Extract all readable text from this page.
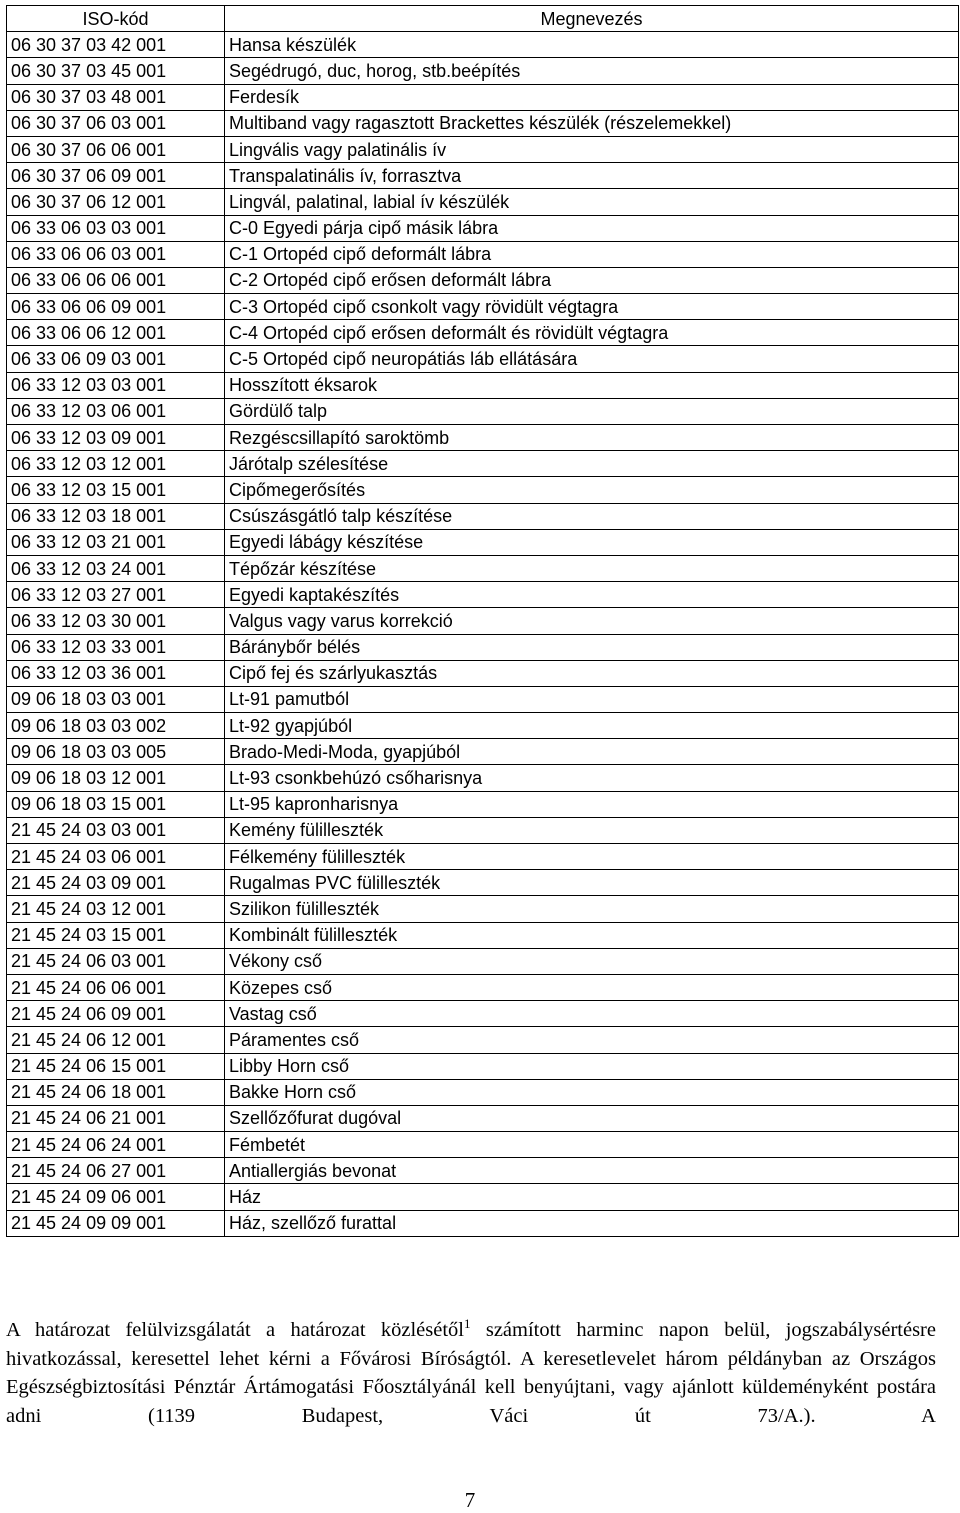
ISO-kód	Megnevezés
06 30 37 03 42 001	Hansa készülék
06 30 37 03 45 001	Segédrugó, duc, horog, stb.beépítés
06 30 37 03 48 001	Ferdesík
06 30 37 06 03 001	Multiband vagy ragasztott Brackettes készülék (részelemekkel)
06 30 37 06 06 001	Lingvális vagy palatinális ív
06 30 37 06 09 001	Transpalatinális ív, forrasztva
06 30 37 06 12 001	Lingvál, palatinal, labial ív készülék
06 33 06 03 03 001	C-0 Egyedi párja cipő másik lábra
06 33 06 06 03 001	C-1 Ortopéd cipő deformált lábra
06 33 06 06 06 001	C-2 Ortopéd cipő erősen deformált lábra
06 33 06 06 09 001	C-3 Ortopéd cipő csonkolt vagy rövidült végtagra
06 33 06 06 12 001	C-4 Ortopéd cipő erősen deformált és rövidült végtagra
06 33 06 09 03 001	C-5 Ortopéd cipő neuropátiás láb ellátására
06 33 12 03 03 001	Hosszított éksarok
06 33 12 03 06 001	Gördülő talp
06 33 12 03 09 001	Rezgéscsillapító saroktömb
06 33 12 03 12 001	Járótalp szélesítése
06 33 12 03 15 001	Cipőmegerősítés
06 33 12 03 18 001	Csúszásgátló talp készítése
06 33 12 03 21 001	Egyedi lábágy készítése
06 33 12 03 24 001	Tépőzár készítése
06 33 12 03 27 001	Egyedi kaptakészítés
06 33 12 03 30 001	Valgus vagy varus korrekció
06 33 12 03 33 001	Báránybőr bélés
06 33 12 03 36 001	Cipő fej és szárlyukasztás
09 06 18 03 03 001	Lt-91 pamutból
09 06 18 03 03 002	Lt-92 gyapjúból
09 06 18 03 03 005	Brado-Medi-Moda, gyapjúból
09 06 18 03 12 001	Lt-93 csonkbehúzó csőharisnya
09 06 18 03 15 001	Lt-95 kapronharisnya
21 45 24 03 03 001	Kemény fülilleszték
21 45 24 03 06 001	Félkemény fülilleszték
21 45 24 03 09 001	Rugalmas PVC fülilleszték
21 45 24 03 12 001	Szilikon fülilleszték
21 45 24 03 15 001	Kombinált fülilleszték
21 45 24 06 03 001	Vékony cső
21 45 24 06 06 001	Közepes cső
21 45 24 06 09 001	Vastag cső
21 45 24 06 12 001	Páramentes cső
21 45 24 06 15 001	Libby Horn cső
21 45 24 06 18 001	Bakke Horn cső
21 45 24 06 21 001	Szellőzőfurat dugóval
21 45 24 06 24 001	Fémbetét
21 45 24 06 27 001	Antiallergiás bevonat
21 45 24 09 06 001	Ház
21 45 24 09 09 001	Ház, szellőző furattal

A határozat felülvizsgálatát a határozat közlésétől$^1$ számított harminc napon belül, jogszabálysértésre hivatkozással, keresettel lehet kérni a Fővárosi Bíróságtól. A keresetlevelet három példányban az Országos Egészségbiztosítási Pénztár Ártámogatási Főosztályánál kell benyújtani, vagy ajánlott küldeményként postára adni (1139 Budapest, Váci út 73/A.). A

7
